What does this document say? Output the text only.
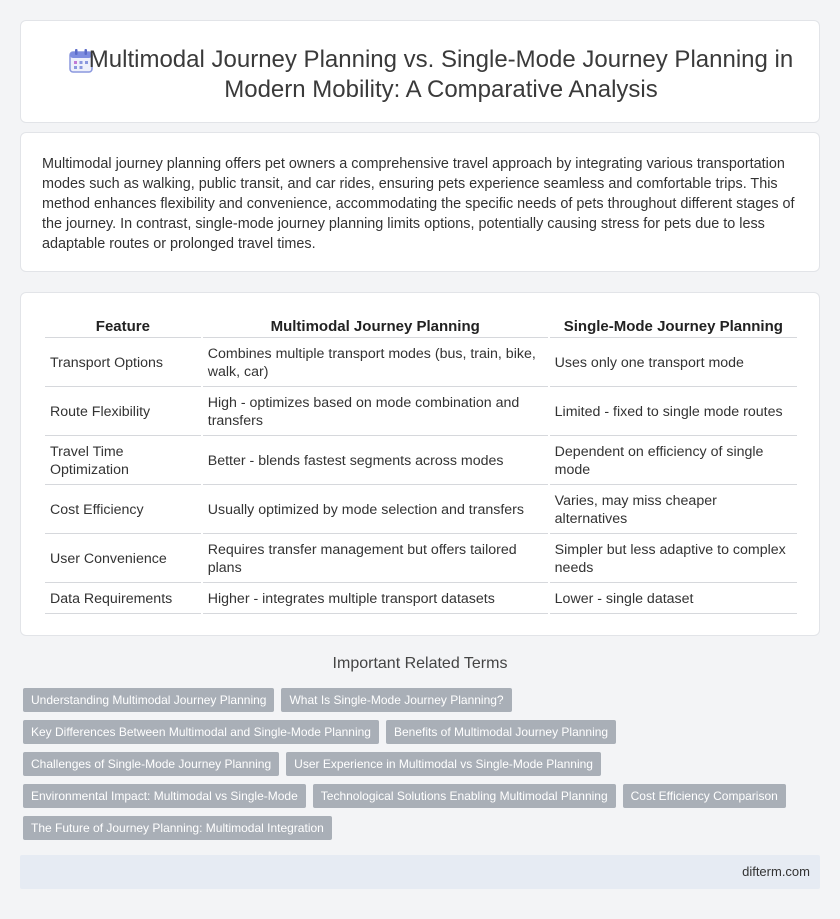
Multimodal Journey Planning vs. Single-Mode Journey Planning in Modern Mobility: A Comparative Analysis

Multimodal journey planning offers pet owners a comprehensive travel approach by integrating various transportation modes such as walking, public transit, and car rides, ensuring pets experience seamless and comfortable trips. This method enhances flexibility and convenience, accommodating the specific needs of pets throughout different stages of the journey. In contrast, single-mode journey planning limits options, potentially causing stress for pets due to less adaptable routes or prolonged travel times.

Feature	Multimodal Journey Planning	Single-Mode Journey Planning
Transport Options	Combines multiple transport modes (bus, train, bike, walk, car)	Uses only one transport mode
Route Flexibility	High - optimizes based on mode combination and transfers	Limited - fixed to single mode routes
Travel Time Optimization	Better - blends fastest segments across modes	Dependent on efficiency of single mode
Cost Efficiency	Usually optimized by mode selection and transfers	Varies, may miss cheaper alternatives
User Convenience	Requires transfer management but offers tailored plans	Simpler but less adaptive to complex needs
Data Requirements	Higher - integrates multiple transport datasets	Lower - single dataset
Important Related Terms
Understanding Multimodal Journey Planning What Is Single-Mode Journey Planning?
Key Differences Between Multimodal and Single-Mode Planning Benefits of Multimodal Journey Planning
Challenges of Single-Mode Journey Planning User Experience in Multimodal vs Single-Mode Planning
Environmental Impact: Multimodal vs Single-Mode Technological Solutions Enabling Multimodal Planning Cost Efficiency Comparison
The Future of Journey Planning: Multimodal Integration
difterm.com
